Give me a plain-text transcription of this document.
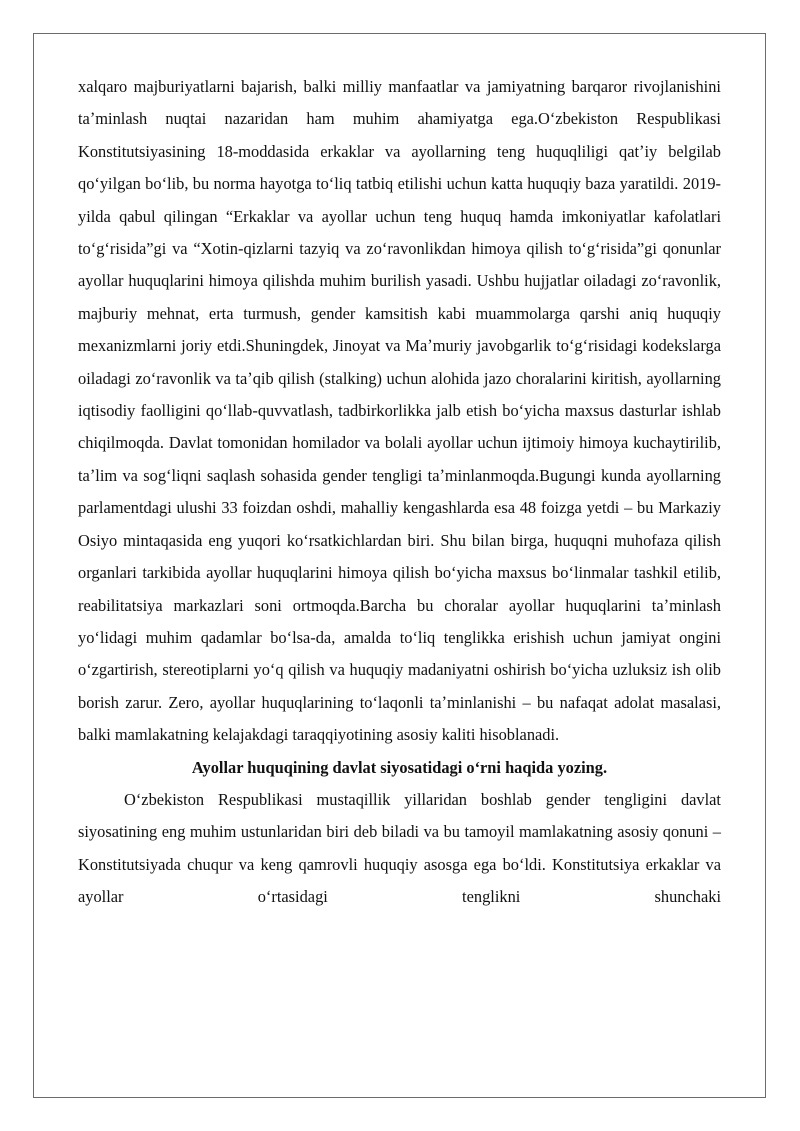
xalqaro majburiyatlarni bajarish, balki milliy manfaatlar va jamiyatning barqaror rivojlanishini taʼminlash nuqtai nazaridan ham muhim ahamiyatga ega.Oʻzbekiston Respublikasi Konstitutsiyasining 18-moddasida erkaklar va ayollarning teng huquqliligi qatʼiy belgilab qoʻyilgan boʻlib, bu norma hayotga toʻliq tatbiq etilishi uchun katta huquqiy baza yaratildi. 2019-yilda qabul qilingan “Erkaklar va ayollar uchun teng huquq hamda imkoniyatlar kafolatlari toʻgʻrisida”gi va “Xotin-qizlarni tazyiq va zoʻravonlikdan himoya qilish toʻgʻrisida”gi qonunlar ayollar huquqlarini himoya qilishda muhim burilish yasadi. Ushbu hujjatlar oiladagi zoʻravonlik, majburiy mehnat, erta turmush, gender kamsitish kabi muammolarga qarshi aniq huquqiy mexanizmlarni joriy etdi.Shuningdek, Jinoyat va Maʼmuriy javobgarlik toʻgʻrisidagi kodekslarga oiladagi zoʻravonlik va taʼqib qilish (stalking) uchun alohida jazo choralarini kiritish, ayollarning iqtisodiy faolligini qoʻllab-quvvatlash, tadbirkorlikka jalb etish boʻyicha maxsus dasturlar ishlab chiqilmoqda. Davlat tomonidan homilador va bolali ayollar uchun ijtimoiy himoya kuchaytirilib, taʼlim va sogʻliqni saqlash sohasida gender tengligi taʼminlanmoqda.Bugungi kunda ayollarning parlamentdagi ulushi 33 foizdan oshdi, mahalliy kengashlarda esa 48 foizga yetdi – bu Markaziy Osiyo mintaqasida eng yuqori koʻrsatkichlardan biri. Shu bilan birga, huquqni muhofaza qilish organlari tarkibida ayollar huquqlarini himoya qilish boʻyicha maxsus boʻlinmalar tashkil etilib, reabilitatsiya markazlari soni ortmoqda.Barcha bu choralar ayollar huquqlarini taʼminlash yoʻlidagi muhim qadamlar boʻlsa-da, amalda toʻliq tenglikka erishish uchun jamiyat ongini oʻzgartirish, stereotiplarni yoʻq qilish va huquqiy madaniyatni oshirish boʻyicha uzluksiz ish olib borish zarur. Zero, ayollar huquqlarining toʻlaqonli taʼminlanishi – bu nafaqat adolat masalasi, balki mamlakatning kelajakdagi taraqqiyotining asosiy kaliti hisoblanadi.

Ayollar huquqining davlat siyosatidagi oʻrni haqida yozing.

Oʻzbekiston Respublikasi mustaqillik yillaridan boshlab gender tengligini davlat siyosatining eng muhim ustunlaridan biri deb biladi va bu tamoyil mamlakatning asosiy qonuni – Konstitutsiyada chuqur va keng qamrovli huquqiy asosga ega boʻldi. Konstitutsiya erkaklar va ayollar oʻrtasidagi tenglikni shunchaki
